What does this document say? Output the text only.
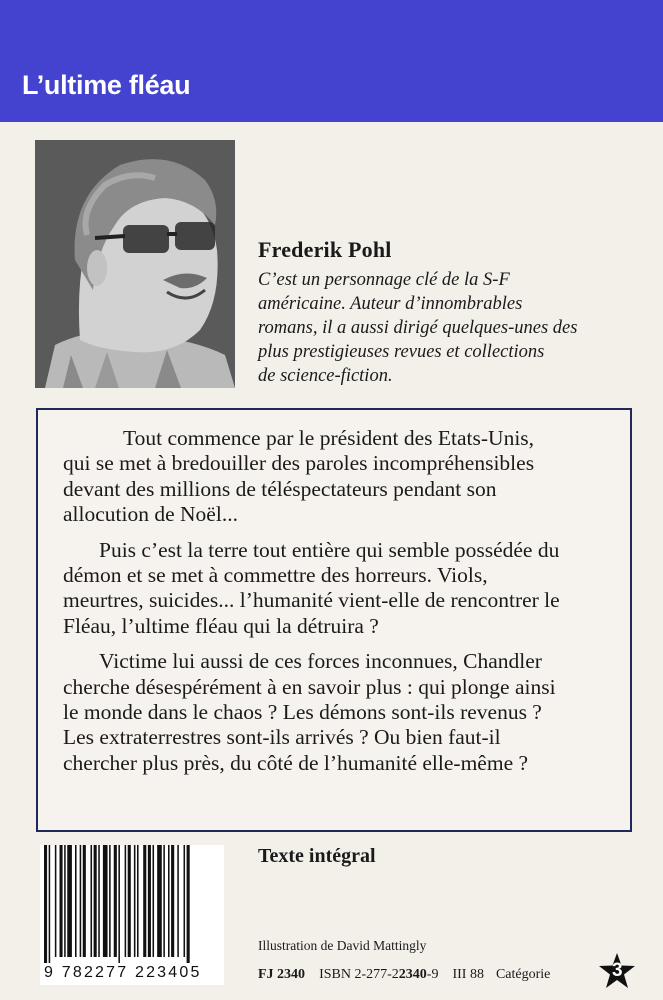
L’ultime fléau
Frederik Pohl
C’est un personnage clé de la S-F
américaine. Auteur d’innombrables
romans, il a aussi dirigé quelques-unes des
plus prestigieuses revues et collections
de science-fiction.
Tout commence par le président des Etats-Unis,
qui se met à bredouiller des paroles incompréhensibles
devant des millions de téléspectateurs pendant son
allocution de Noël...
Puis c’est la terre tout entière qui semble possédée du
démon et se met à commettre des horreurs. Viols,
meurtres, suicides... l’humanité vient-elle de rencontrer le
Fléau, l’ultime fléau qui la détruira ?
Victime lui aussi de ces forces inconnues, Chandler
cherche désespérément à en savoir plus : qui plonge ainsi
le monde dans le chaos ? Les démons sont-ils revenus ?
Les extraterrestres sont-ils arrivés ? Ou bien faut-il
chercher plus près, du côté de l’humanité elle-même ?
9 782277 223405
Texte intégral
Illustration de David Mattingly
FJ 2340 ISBN 2-277-22340-9 III 88 Catégorie	3
